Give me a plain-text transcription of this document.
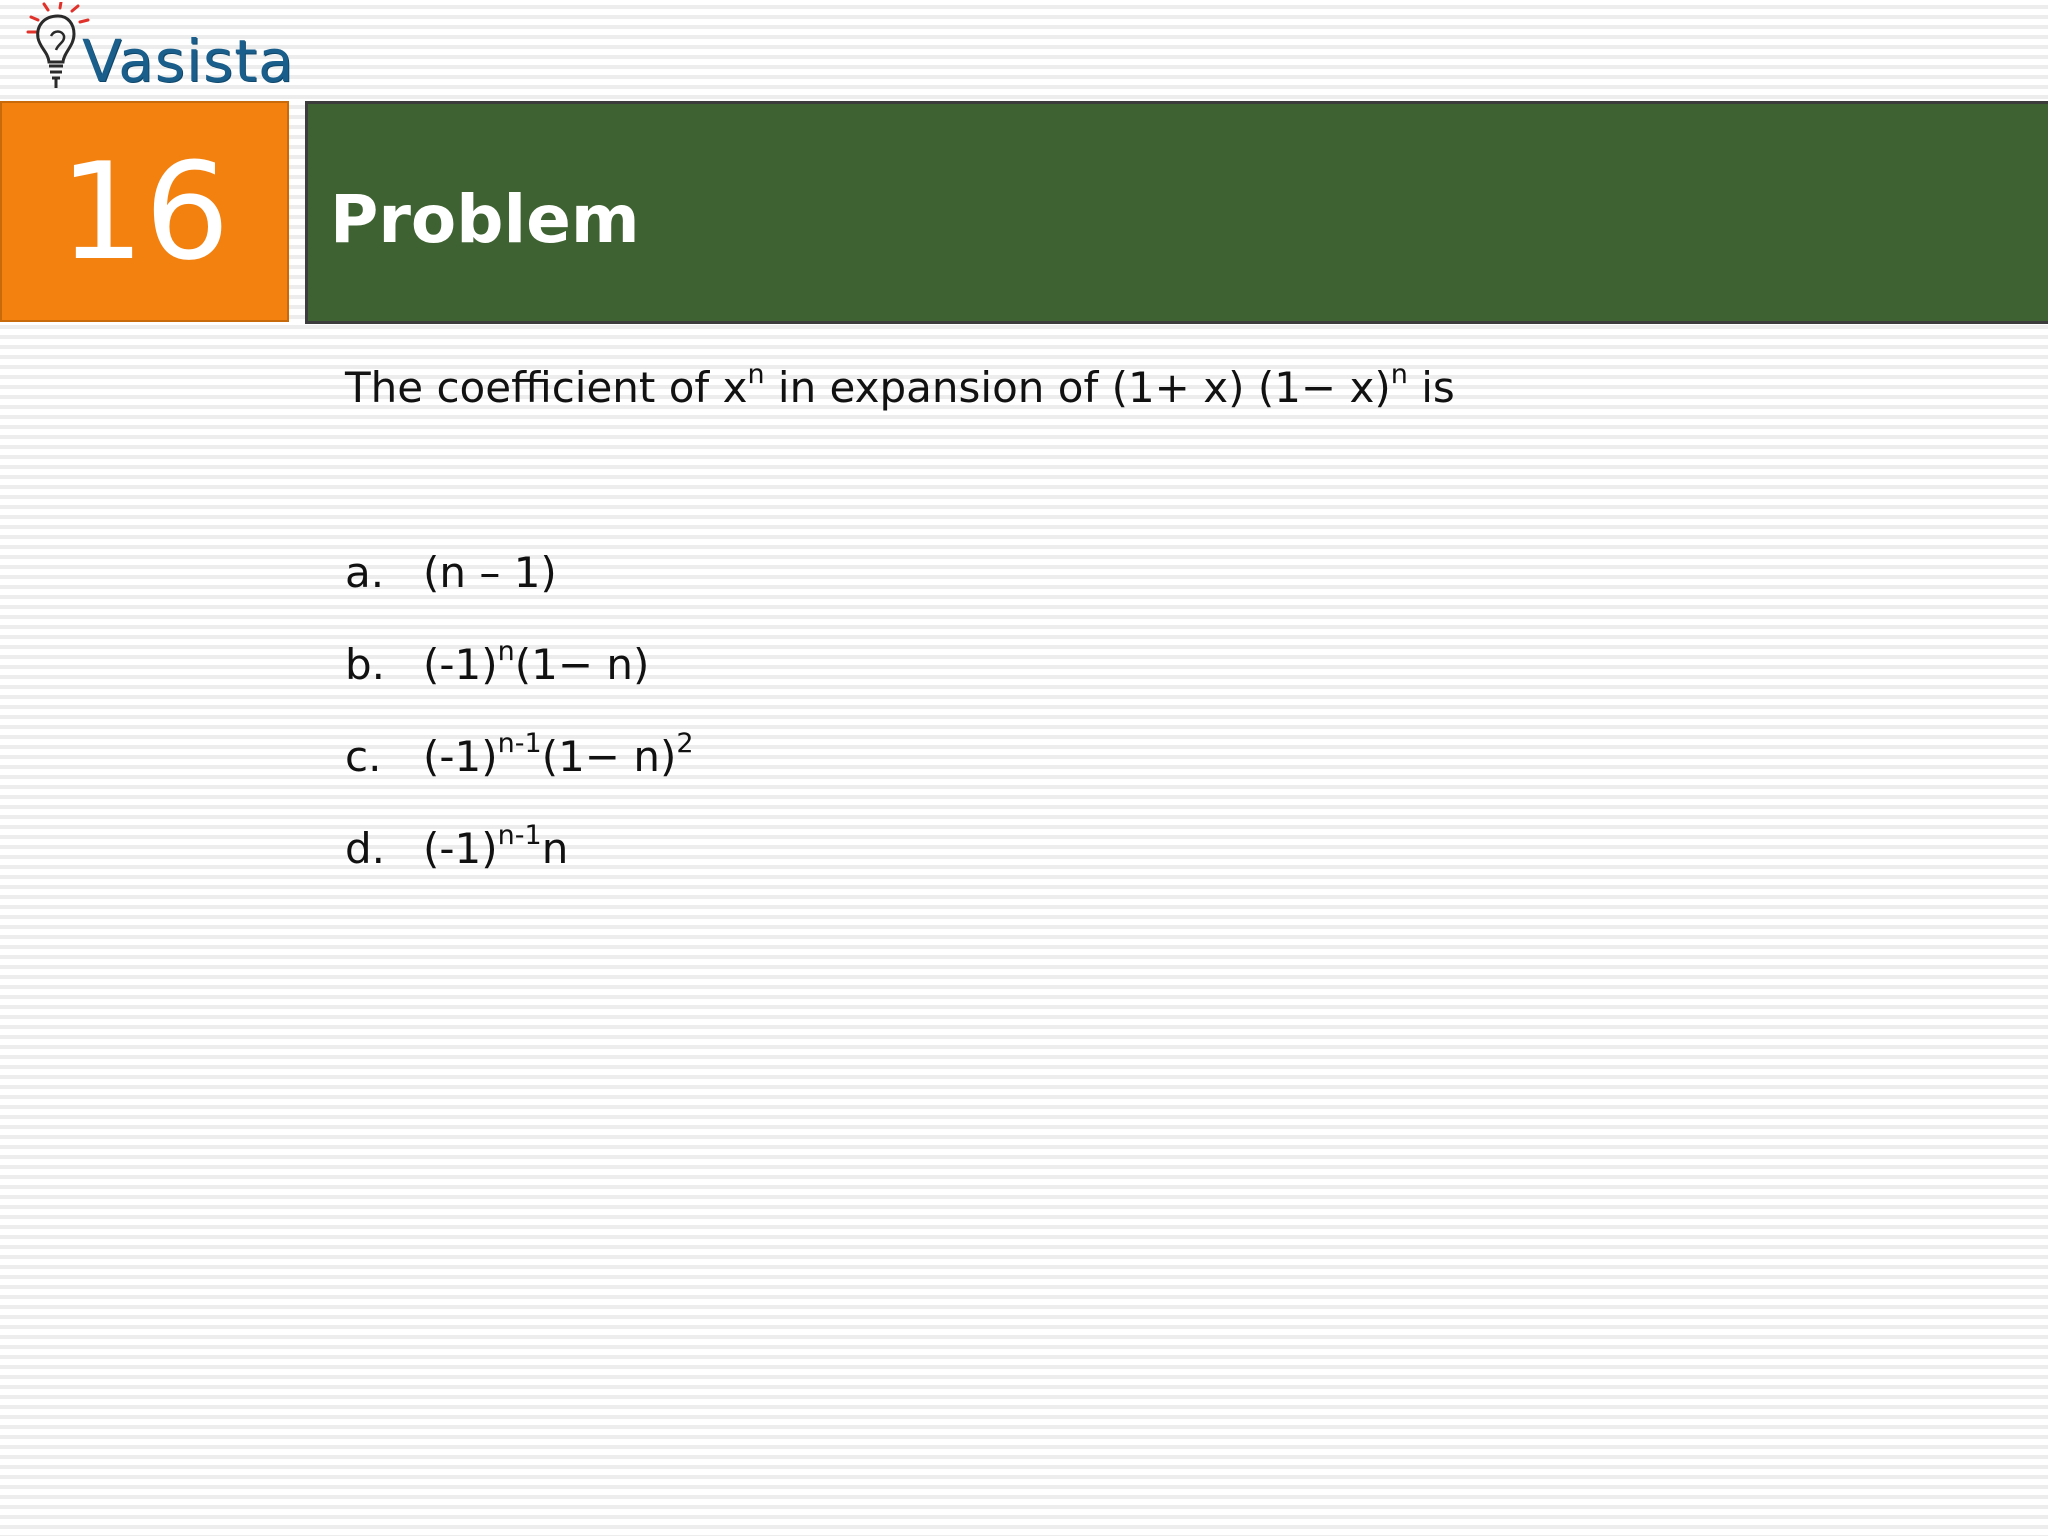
Vasista
16 Problem
The coefficient of $x^n$ in expansion of (1+ x) $(1- x)^n$ is
a. (n – 1)
b. $(-1)^n(1- n)$
c. $(-1)^{n-1}(1- n)^2$
d. $(-1)^{n-1}n$
